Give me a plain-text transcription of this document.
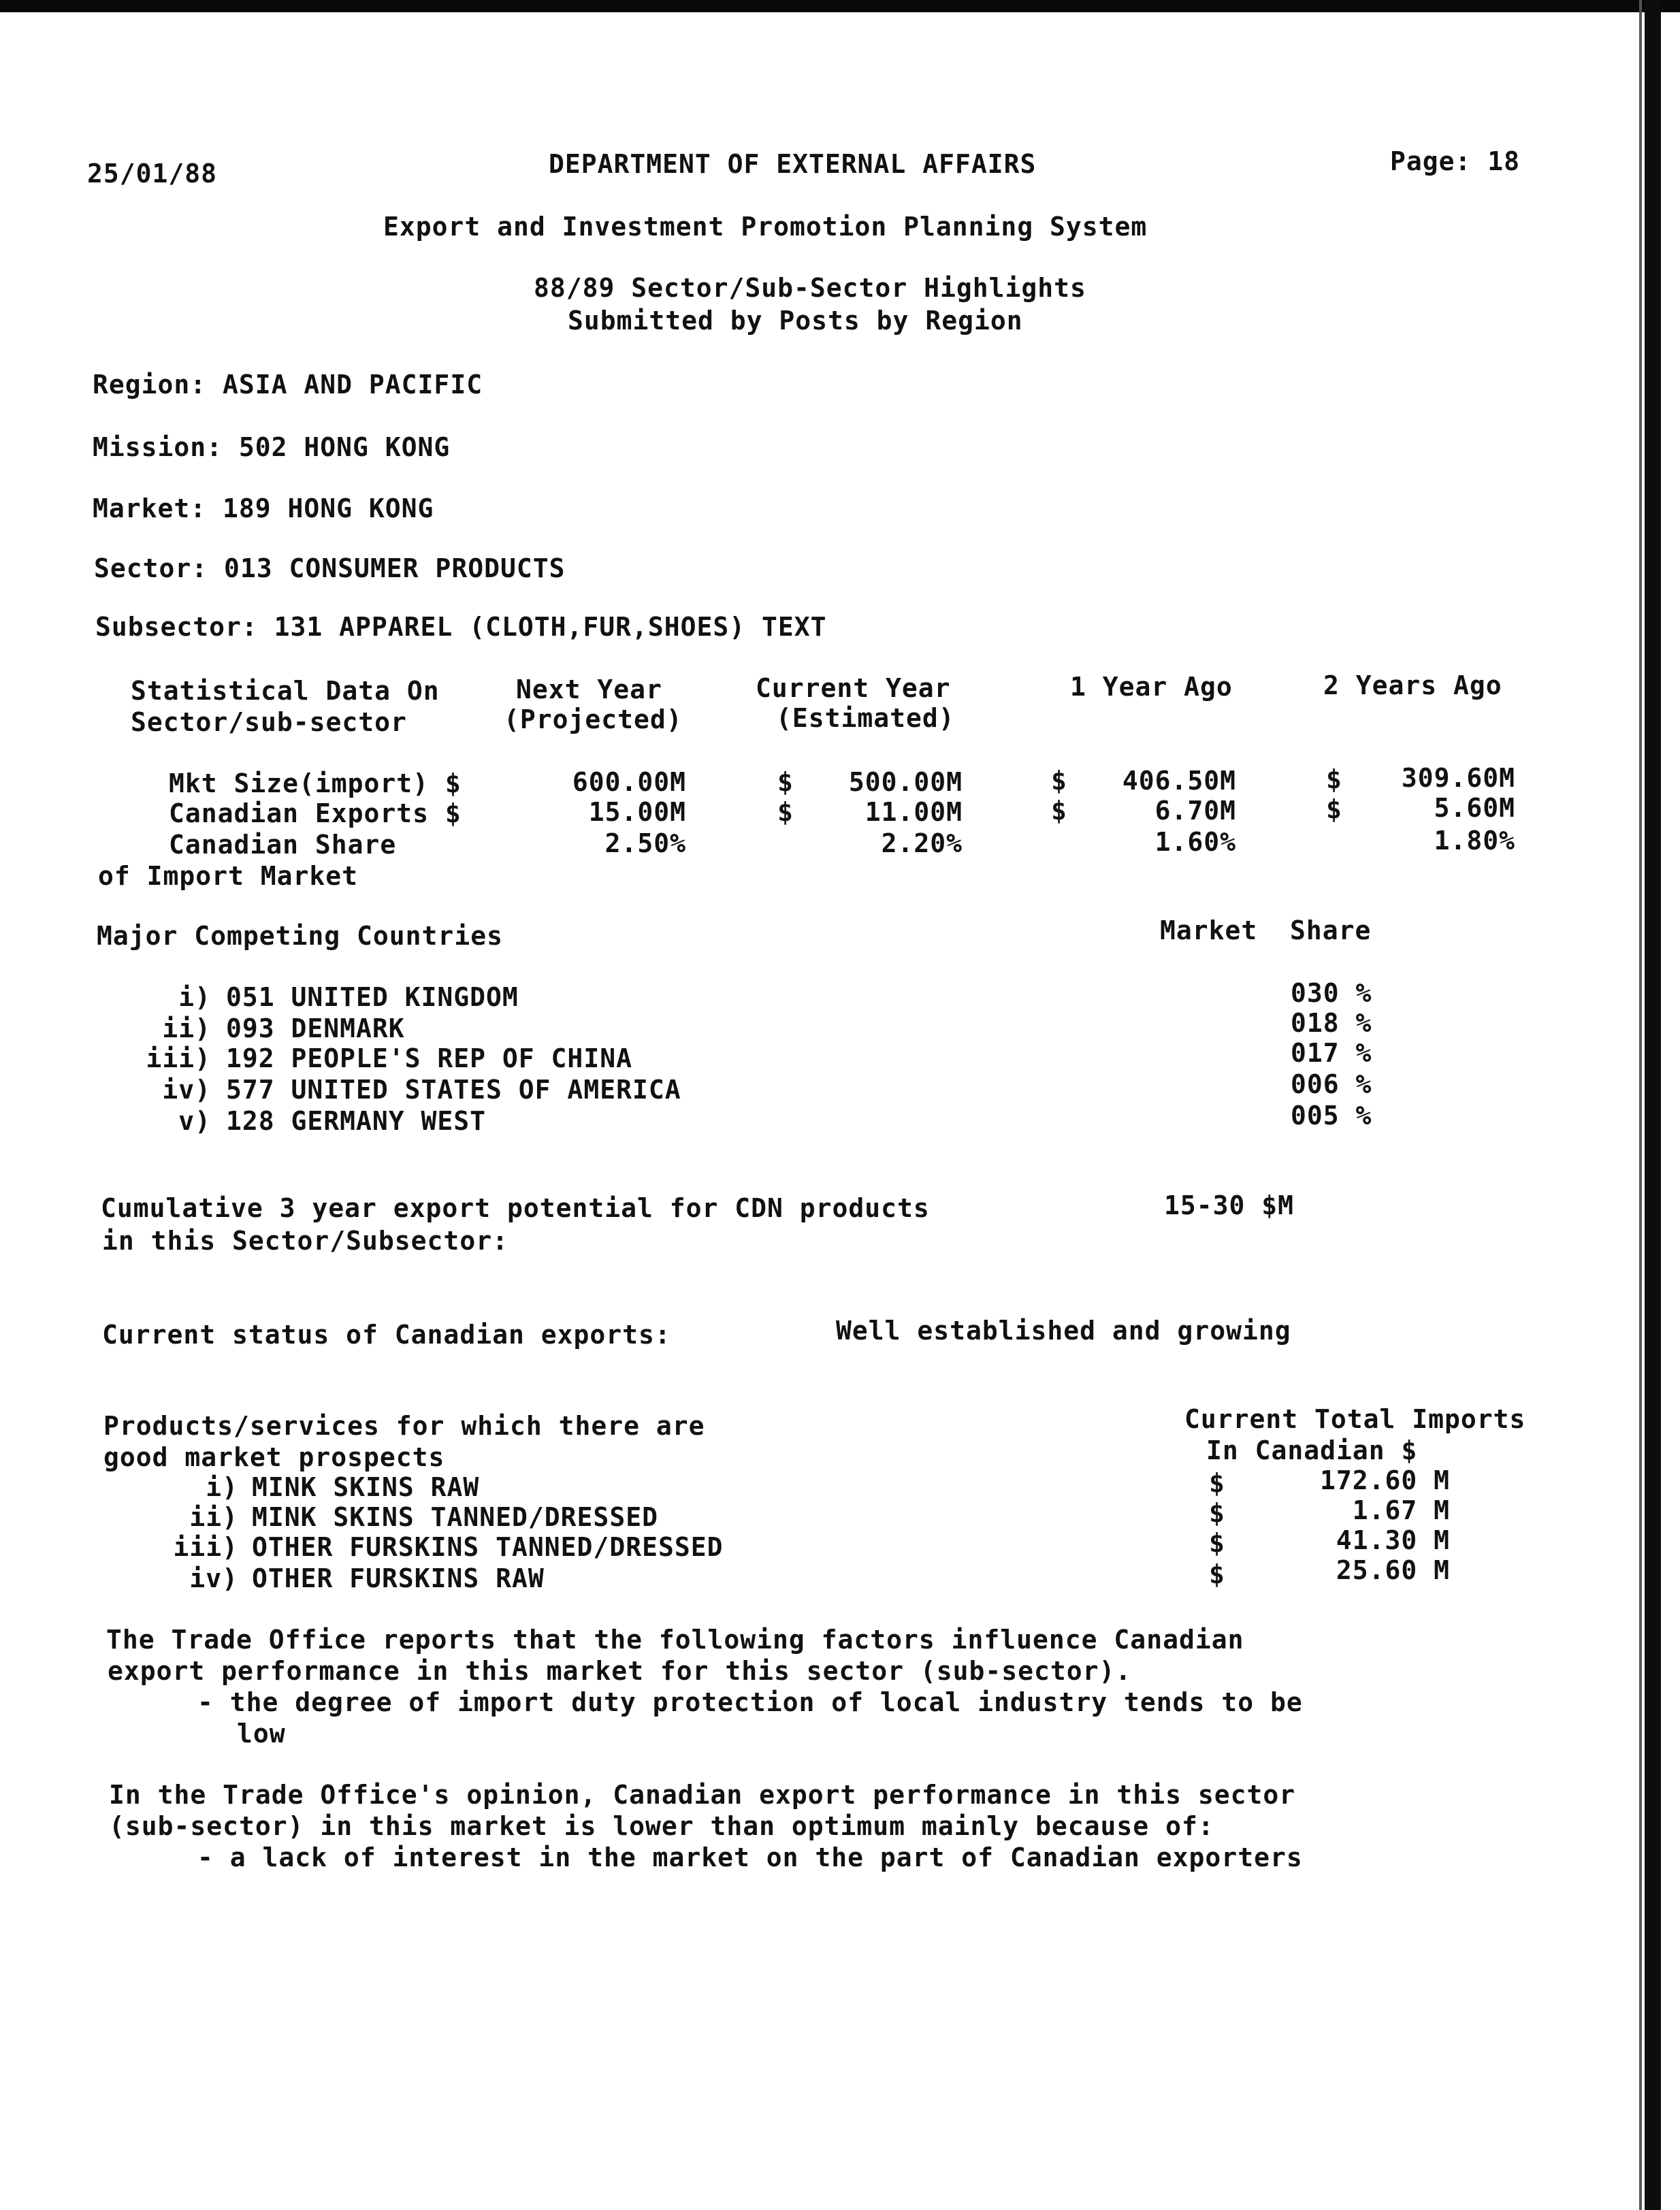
25/01/88	DEPARTMENT OF EXTERNAL AFFAIRS	Page: 18
Export and Investment Promotion Planning System
88/89 Sector/Sub-Sector Highlights
Submitted by Posts by Region
Region: ASIA AND PACIFIC
Mission: 502 HONG KONG
Market: 189 HONG KONG
Sector: 013 CONSUMER PRODUCTS
Subsector: 131 APPAREL (CLOTH,FUR,SHOES) TEXT
Statistical Data On
Sector/sub-sector
Next Year	Current Year	1 Year Ago	2 Years Ago
(Projected)	(Estimated)
Mkt Size(import) $	600.00M	$	500.00M	$	406.50M	$	309.60M
Canadian Exports $	15.00M	$	11.00M	$	6.70M	$	5.60M
Canadian Share	2.50%	2.20%	1.60%	1.80%
of Import Market
Major Competing Countries	Market  Share
i) 051 UNITED KINGDOM	030 %
ii) 093 DENMARK	018 %
iii) 192 PEOPLE'S REP OF CHINA	017 %
iv) 577 UNITED STATES OF AMERICA	006 %
v) 128 GERMANY WEST	005 %
Cumulative 3 year export potential for CDN products
in this Sector/Subsector:
15-30 $M
Current status of Canadian exports:	Well established and growing
Products/services for which there are
good market prospects
Current Total Imports
In Canadian $
i) MINK SKINS RAW	$	172.60 M
ii) MINK SKINS TANNED/DRESSED	$	1.67 M
iii) OTHER FURSKINS TANNED/DRESSED	$	41.30 M
iv) OTHER FURSKINS RAW	$	25.60 M
The Trade Office reports that the following factors influence Canadian
export performance in this market for this sector (sub-sector).
- the degree of import duty protection of local industry tends to be
low
In the Trade Office's opinion, Canadian export performance in this sector
(sub-sector) in this market is lower than optimum mainly because of:
- a lack of interest in the market on the part of Canadian exporters
